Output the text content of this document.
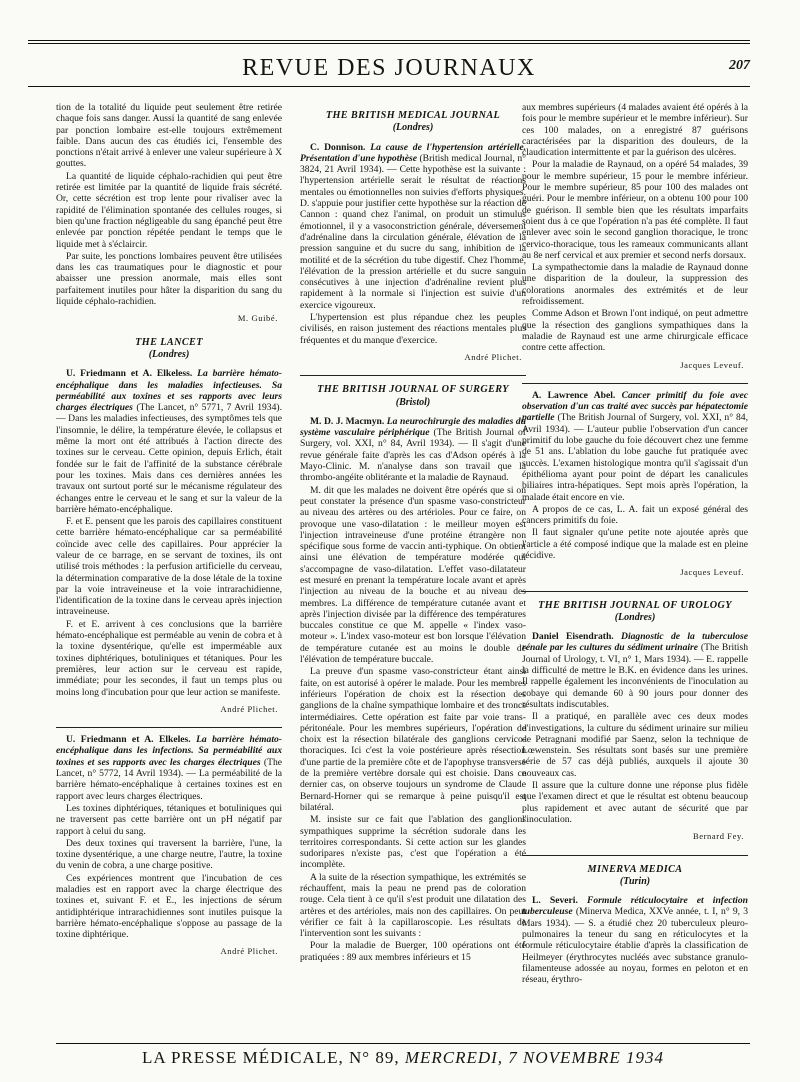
REVUE DES JOURNAUX	207

tion de la totalité du liquide peut seulement être retirée chaque fois sans danger. Aussi la quantité de sang enlevée par ponction lombaire est-elle toujours extrêmement faible. Dans aucun des cas étudiés ici, l'ensemble des ponctions n'était arrivé à enlever une valeur supérieure à X gouttes.

La quantité de liquide céphalo-rachidien qui peut être retirée est limitée par la quantité de liquide frais sécrété. Or, cette sécrétion est trop lente pour rivaliser avec la rapidité de l'élimination spontanée des cellules rouges, si bien qu'une fraction négligeable du sang épanché peut être enlevée par ponction répétée pendant le temps que le liquide met à s'éclaircir.

Par suite, les ponctions lombaires peuvent être utilisées dans les cas traumatiques pour le diagnostic et pour abaisser une pression anormale, mais elles sont parfaitement inutiles pour hâter la disparition du sang du liquide céphalo-rachidien.

M. Guibé.
THE LANCET
(Londres)

U. Friedmann et A. Elkeless. La barrière hémato-encéphalique dans les maladies infectieuses. Sa perméabilité aux toxines et ses rapports avec leurs charges électriques (The Lancet, n° 5771, 7 Avril 1934). — Dans les maladies infectieuses, des symptômes tels que l'insomnie, le délire, la température élevée, le collapsus et même la mort ont été attribués à l'action directe des toxines sur le cerveau. Cette opinion, depuis Erlich, était fondée sur le fait de l'affinité de la substance cérébrale pour les toxines. Mais dans ces dernières années les travaux ont surtout porté sur le mécanisme régulateur des échanges entre le cerveau et le sang et sur la valeur de la barrière hémato-encéphalique.

F. et E. pensent que les parois des capillaires constituent cette barrière hémato-encéphalique car sa perméabilité coïncide avec celle des capillaires. Pour apprécier la valeur de ce barrage, en se servant de toxines, ils ont utilisé trois méthodes : la perfusion artificielle du cerveau, la détermination comparative de la dose létale de la toxine par la voie intraveineuse et la voie intrarachidienne, l'identification de la toxine dans le cerveau après injection intraveineuse.

F. et E. arrivent à ces conclusions que la barrière hémato-encéphalique est perméable au venin de cobra et à la toxine dysentérique, qu'elle est imperméable aux toxines diphtériques, botuliniques et tétaniques. Pour les premières, leur action sur le cerveau est rapide, immédiate; pour les secondes, il faut un temps plus ou moins long d'incubation pour que leur action se manifeste.

André Plichet.

U. Friedmann et A. Elkeles. La barrière hémato-encéphalique dans les infections. Sa perméabilité aux toxines et ses rapports avec les charges électriques (The Lancet, n° 5772, 14 Avril 1934). — La perméabilité de la barrière hémato-encéphalique à certaines toxines est en rapport avec leurs charges électriques.

Les toxines diphtériques, tétaniques et botuliniques qui ne traversent pas cette barrière ont un pH négatif par rapport à celui du sang.

Des deux toxines qui traversent la barrière, l'une, la toxine dysentérique, a une charge neutre, l'autre, la toxine du venin de cobra, a une charge positive.

Ces expériences montrent que l'incubation de ces maladies est en rapport avec la charge électrique des toxines et, suivant F. et E., les injections de sérum antidiphtérique intrarachidiennes sont inutiles puisque la barrière hémato-encéphalique s'oppose au passage de la toxine diphtérique.

André Plichet.
THE BRITISH MEDICAL JOURNAL
(Londres)

C. Donnison. La cause de l'hypertension artérielle. Présentation d'une hypothèse (British medical Journal, n° 3824, 21 Avril 1934). — Cette hypothèse est la suivante : l'hypertension artérielle serait le résultat de réactions mentales ou émotionnelles non suivies d'efforts physiques. D. s'appuie pour justifier cette hypothèse sur la réaction de Cannon : quand chez l'animal, on produit un stimulus émotionnel, il y a vasoconstriction générale, déversement d'adrénaline dans la circulation générale, élévation de la pression sanguine et du sucre du sang, inhibition de la motilité et de la sécrétion du tube digestif. Chez l'homme, l'élévation de la pression artérielle et du sucre sanguin consécutives à une injection d'adrénaline revient plus rapidement à la normale si l'injection est suivie d'un exercice vigoureux.

L'hypertension est plus répandue chez les peuples civilisés, en raison justement des réactions mentales plus fréquentes et du manque d'exercice.

André Plichet.
THE BRITISH JOURNAL OF SURGERY
(Bristol)

M. D. J. Macmyn. La neurochirurgie des maladies du système vasculaire périphérique (The British Journal of Surgery, vol. XXI, n° 84, Avril 1934). — Il s'agit d'une revue générale faite d'après les cas d'Adson opérés à la Mayo-Clinic. M. n'analyse dans son travail que la thrombo-angéite oblitérante et la maladie de Raynaud.

M. dit que les malades ne doivent être opérés que si on peut constater la présence d'un spasme vaso-constricteur au niveau des artères ou des artérioles. Pour ce faire, on provoque une vaso-dilatation : le meilleur moyen est l'injection intraveineuse d'une protéine étrangère non spécifique sous forme de vaccin anti-typhique. On obtient ainsi une élévation de température modérée qui s'accompagne de vaso-dilatation. L'effet vaso-dilatateur est mesuré en prenant la température locale avant et après l'injection au niveau de la bouche et au niveau des membres. La différence de température cutanée avant et après l'injection divisée par la différence des températures buccales constitue ce que M. appelle « l'index vaso-moteur ». L'index vaso-moteur est bon lorsque l'élévation de température cutanée est au moins le double de l'élévation de température buccale.

La preuve d'un spasme vaso-constricteur étant ainsi faite, on est autorisé à opérer le malade. Pour les membres inférieurs l'opération de choix est la résection des ganglions de la chaîne sympathique lombaire et des troncs intermédiaires. Cette opération est faite par voie trans-péritonéale. Pour les membres supérieurs, l'opération de choix est la résection bilatérale des ganglions cervico-thoraciques. Ici c'est la voie postérieure après résection d'une partie de la première côte et de l'apophyse transverse de la première vertèbre dorsale qui est choisie. Dans ce dernier cas, on observe toujours un syndrome de Claude Bernard-Horner qui se remarque à peine puisqu'il est bilatéral.

M. insiste sur ce fait que l'ablation des ganglions sympathiques supprime la sécrétion sudorale dans les territoires correspondants. Si cette action sur les glandes sudoripares n'existe pas, c'est que l'opération a été incomplète.

A la suite de la résection sympathique, les extrémités se réchauffent, mais la peau ne prend pas de coloration rouge. Cela tient à ce qu'il s'est produit une dilatation des artères et des artérioles, mais non des capillaires. On peut vérifier ce fait à la capillaroscopie. Les résultats de l'intervention sont les suivants :

Pour la maladie de Buerger, 100 opérations ont été pratiquées : 89 aux membres inférieurs et 15

aux membres supérieurs (4 malades avaient été opérés à la fois pour le membre supérieur et le membre inférieur). Sur ces 100 malades, on a enregistré 87 guérisons caractérisées par la disparition des douleurs, de la claudication intermittente et par la guérison des ulcères.

Pour la maladie de Raynaud, on a opéré 54 malades, 39 pour le membre supérieur, 15 pour le membre inférieur. Pour le membre supérieur, 85 pour 100 des malades ont guéri. Pour le membre inférieur, on a obtenu 100 pour 100 de guérison. Il semble bien que les résultats imparfaits soient dus à ce que l'opération n'a pas été complète. Il faut enlever avec soin le second ganglion thoracique, le tronc cervico-thoracique, tous les rameaux communicants allant au 8e nerf cervical et aux premier et second nerfs dorsaux.

La sympathectomie dans la maladie de Raynaud donne une disparition de la douleur, la suppression des colorations anormales des extrémités et de leur refroidissement.

Comme Adson et Brown l'ont indiqué, on peut admettre que la résection des ganglions sympathiques dans la maladie de Raynaud est une arme chirurgicale efficace contre cette affection.

Jacques Leveuf.

A. Lawrence Abel. Cancer primitif du foie avec observation d'un cas traité avec succès par hépatectomie partielle (The British Journal of Surgery, vol. XXI, n° 84, Avril 1934). — L'auteur publie l'observation d'un cancer primitif du lobe gauche du foie découvert chez une femme de 51 ans. L'ablation du lobe gauche fut pratiquée avec succès. L'examen histologique montra qu'il s'agissait d'un épithélioma ayant pour point de départ les canalicules biliaires intra-hépatiques. Sept mois après l'opération, la malade était encore en vie.

A propos de ce cas, L. A. fait un exposé général des cancers primitifs du foie.

Il faut signaler qu'une petite note ajoutée après que l'article a été composé indique que la malade est en pleine récidive.

Jacques Leveuf.
THE BRITISH JOURNAL OF UROLOGY
(Londres)

Daniel Eisendrath. Diagnostic de la tuberculose rénale par les cultures du sédiment urinaire (The British Journal of Urology, t. VI, n° 1, Mars 1934). — E. rappelle la difficulté de mettre le B.K. en évidence dans les urines. Il rappelle également les inconvénients de l'inoculation au cobaye qui demande 60 à 90 jours pour donner des résultats indiscutables.

Il a pratiqué, en parallèle avec ces deux modes d'investigations, la culture du sédiment urinaire sur milieu de Petragnani modifié par Saenz, selon la technique de Lœwenstein. Ses résultats sont basés sur une première série de 57 cas déjà publiés, auxquels il ajoute 30 nouveaux cas.

Il assure que la culture donne une réponse plus fidèle que l'examen direct et que le résultat est obtenu beaucoup plus rapidement et avec autant de sécurité que par l'inoculation.

Bernard Fey.
MINERVA MEDICA
(Turin)

L. Severi. Formule réticulocytaire et infection tuberculeuse (Minerva Medica, XXVe année, t. I, n° 9, 3 Mars 1934). — S. a étudié chez 20 tuberculeux pleuro-pulmonaires la teneur du sang en réticulocytes et la formule réticulocytaire établie d'après la classification de Heilmeyer (érythrocytes nucléés avec substance granulo-filamenteuse adossée au noyau, formes en peloton et en réseau, érythro-

LA PRESSE MÉDICALE, N° 89, MERCREDI, 7 NOVEMBRE 1934
